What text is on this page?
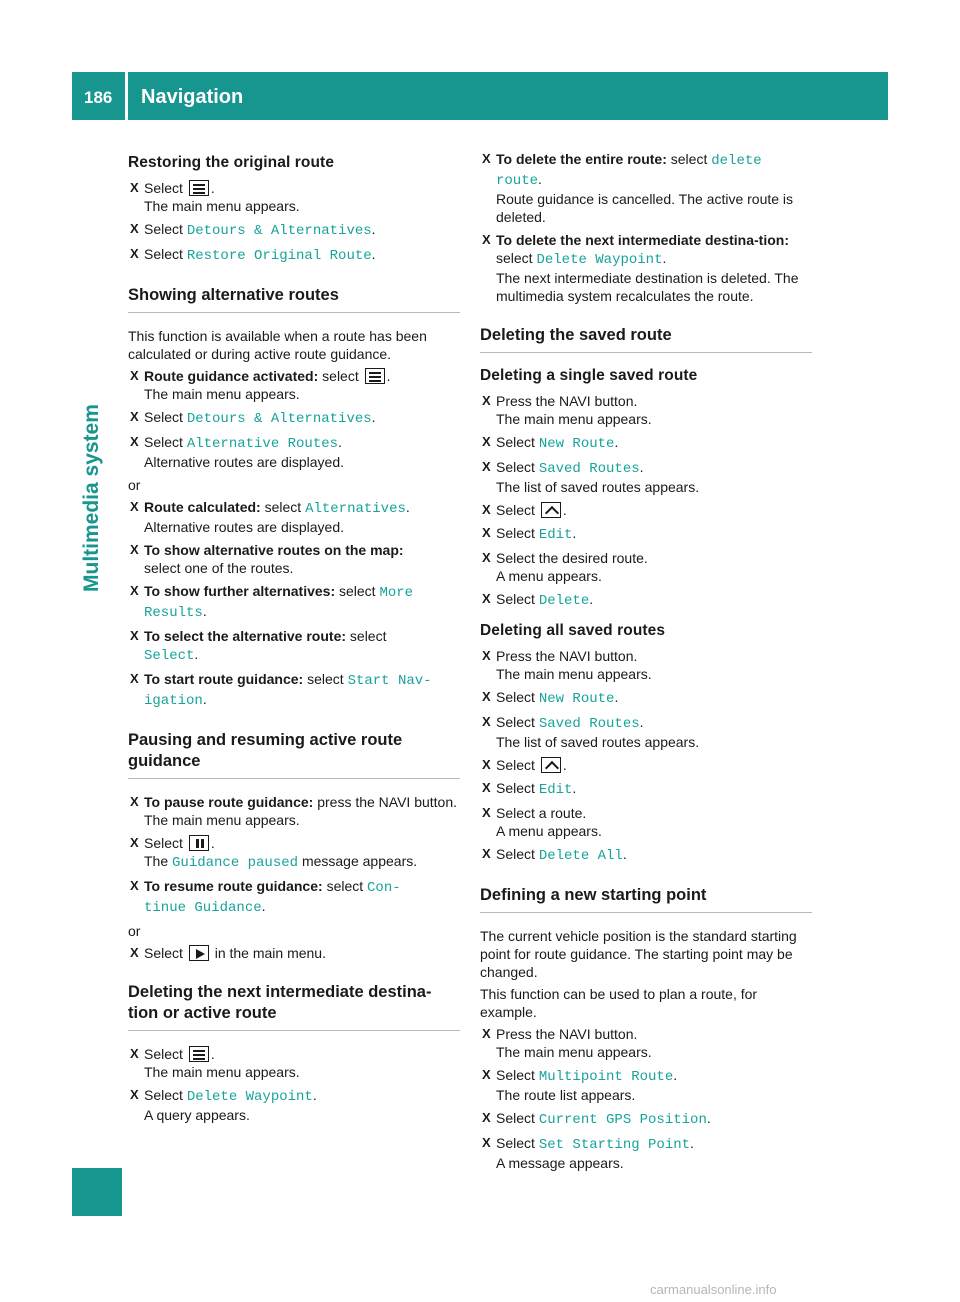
186 Navigation
Multimedia system
Restoring the original route
X Select .
The main menu appears.
X Select Detours & Alternatives.
X Select Restore Original Route.
Showing alternative routes
This function is available when a route has been calculated or during active route guidance.
X Route guidance activated: select .
The main menu appears.
X Select Detours & Alternatives.
X Select Alternative Routes.
Alternative routes are displayed.
or
X Route calculated: select Alternatives.
Alternative routes are displayed.
X To show alternative routes on the map:
select one of the routes.
X To show further alternatives: select More
Results.
X To select the alternative route: select
Select.
X To start route guidance: select Start Nav‐
igation.
Pausing and resuming active route guidance
X To pause route guidance: press the NAVI button.
The main menu appears.
X Select .
The Guidance paused message appears.
X To resume route guidance: select Con‐
tinue Guidance.
or
X Select in the main menu.
Deleting the next intermediate destina-tion or active route
X Select .
The main menu appears.
X Select Delete Waypoint.
A query appears.
X To delete the entire route: select delete
route.
Route guidance is cancelled. The active route is deleted.
X To delete the next intermediate destina-tion: select Delete Waypoint.
The next intermediate destination is deleted. The multimedia system recalculates the route.
Deleting the saved route
Deleting a single saved route
X Press the NAVI button.
The main menu appears.
X Select New Route.
X Select Saved Routes.
The list of saved routes appears.
X Select .
X Select Edit.
X Select the desired route.
A menu appears.
X Select Delete.
Deleting all saved routes
X Press the NAVI button.
The main menu appears.
X Select New Route.
X Select Saved Routes.
The list of saved routes appears.
X Select .
X Select Edit.
X Select a route.
A menu appears.
X Select Delete All.
Defining a new starting point
The current vehicle position is the standard starting point for route guidance. The starting point may be changed.
This function can be used to plan a route, for example.
X Press the NAVI button.
The main menu appears.
X Select Multipoint Route.
The route list appears.
X Select Current GPS Position.
X Select Set Starting Point.
A message appears.
carmanualsonline.info
